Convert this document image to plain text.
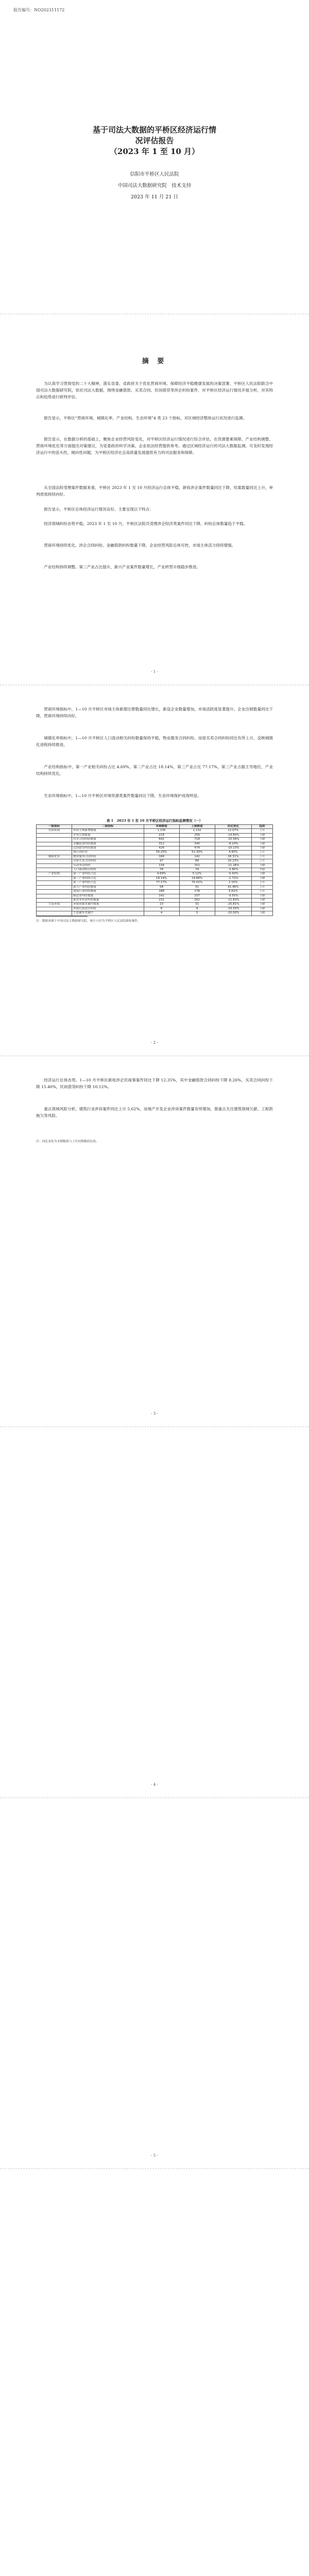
报告编号：NO202311172
基于司法大数据的平桥区经济运行情
况评估报告
（2023 年 1 至 10 月）
信阳市平桥区人民法院
中国司法大数据研究院　技术支持
2023 年 11 月 21 日
摘 要
为认真学习贯彻党的二十大精神，落实省委、省政府关于优化营商环境、保障经济平稳健康发展的决策部署，平桥区人民法院联合中国司法大数据研究院，依托司法大数据，围绕金融借款、买卖合同、民间借贷等涉企纠纷案件，对平桥区经济运行情况开展分析，对其特点和趋势进行研判评估。
报告显示，平桥区“营商环境、城镇化率、产业结构、生态环境”4 类 23 个指标，对区域经济整体运行状况进行监测。
报告显示，在数据分析的基础上，聚焦企业经营风险变化，对平桥区经济运行情况进行综合评估，在资源要素保障、产业结构调整、营商环境优化等方面提出对策建议，为党委政府科学决策、企业依法经营提供参考。通过区域经济运行的司法大数据监测，可及时发现经济运行中的苗头性、倾向性问题，为平桥区经济社会高质量发展提供有力的司法服务和保障。
从全国法院受理案件数据来看，平桥区 2023 年 1 至 10 月经济运行总体平稳，新收涉企案件数量同比下降，结案数量同比上升，审判质效持续向好。
报告显示，平桥区总体经济运行情况良好。主要呈现以下特点：
经济领域纠纷态势平稳。2023 年 1 至 10 月，平桥区法院共受理涉企经济类案件同比下降，纠纷总体数量趋于平稳。
营商环境持续优化。涉企合同纠纷、金融借款纠纷数量下降，企业经营风险总体可控，市场主体活力持续增强。
产业结构持续调整。第三产业占比提升，新兴产业案件数量增长，产业转型升级稳步推进。
- 1 -
营商环境指标中，1—10 月平桥区市场主体新增注册数量同比增长，新设企业数量增加，市场活跃度显著提升。企业注销数量同比下降，营商环境持续向好。
城镇化率指标中，1—10 月平桥区人口流动相关纠纷数量保持平稳，物业服务合同纠纷、房屋买卖合同纠纷同比有所上升，反映城镇化进程持续推进。
产业结构指标中，第一产业相关纠纷占比 4.69%，第二产业占比 18.14%，第三产业占比 77.17%，第三产业占据主导地位，产业结构持续优化。
生态环境指标中，1—10 月平桥区环境资源类案件数量同比下降，生态环境保护成效明显。
表 1　2023 年 1 至 10 月平桥区经济运行指标监测情况（一）
一级指标	二级指标	本期数值	上期数值	同比变化	趋势
营商环境	市场主体新增数量	1,235	1,102	12.07%	上升
	企业注销数量	218	256	-14.84%	下降
	涉企合同纠纷数量	642	718	-10.58%	下降
	金融借款纠纷数量	312	340	-8.24%	下降
	民间借贷纠纷数量	426	474	-10.13%	下降
	执行到位率	56.20%	51.30%	4.90%	上升
城镇化率	物业服务合同纠纷	168	142	18.31%	上升
	房屋买卖合同纠纷	97	88	10.23%	上升
	劳动争议纠纷	134	151	-11.26%	下降
	人口流动相关纠纷	76	79	-3.80%	平稳
产业结构	第一产业纠纷占比	4.69%	5.12%	-0.43%	下降
	第二产业纠纷占比	18.14%	19.86%	-1.72%	下降
	第三产业纠纷占比	77.17%	75.02%	2.15%	上升
	新兴产业纠纷数量	58	41	41.46%	上升
	建筑行业纠纷数量	188	178	5.62%	上升
	制造业纠纷数量	142	157	-9.55%	下降
	批发零售业纠纷数量	231	262	-11.83%	下降
生态环境	环境资源类案件数量	23	31	-25.81%	下降
	环境污染责任纠纷	6	9	-33.33%	下降
	生态破坏类案件	4	5	-20.00%	下降
注：数据来源于中国司法大数据研究院，统计口径为平桥区人民法院新收案件。
- 2 -
经济运行总体态势。1—10 月平桥区新收涉企民商事案件同比下降 12.35%，其中金融借款合同纠纷下降 8.26%，买卖合同纠纷下降 15.40%，民间借贷纠纷下降 10.12%。
重点领域风险分析。建筑行业涉诉案件同比上升 5.62%，房地产开发企业涉诉案件数量有所增加，需重点关注建筑领域欠薪、工程款拖欠等风险。
注：同比变化为本期数值与上年同期数值比较。
- 3 -
- 4 -
- 5 -
